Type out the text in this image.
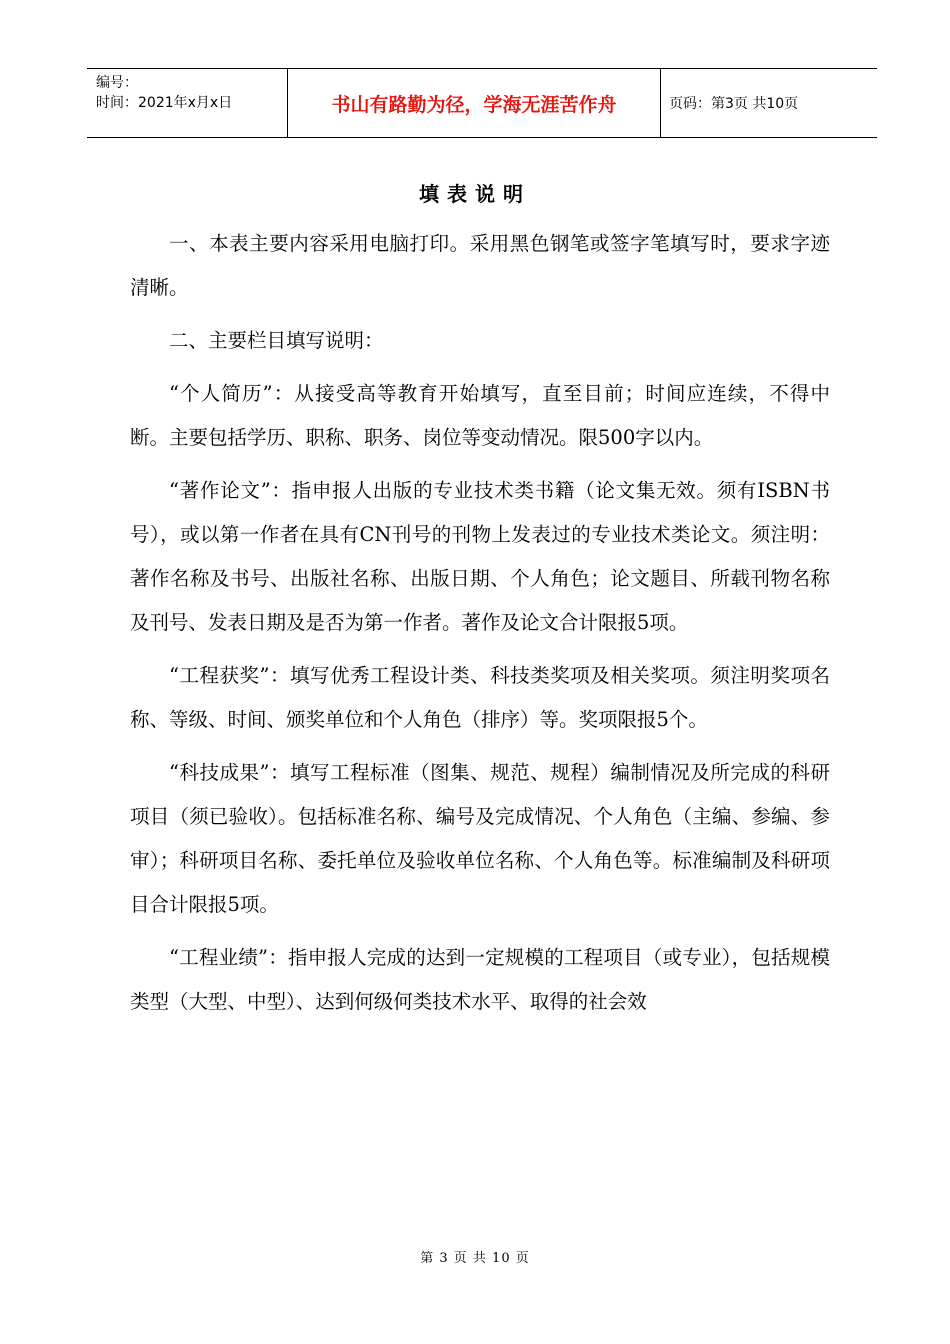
编号：
时间：2021年x月x日	书山有路勤为径，学海无涯苦作舟	页码：第3页 共10页
填表说明

一、本表主要内容采用电脑打印。采用黑色钢笔或签字笔填写时，要求字迹清晰。

二、主要栏目填写说明：

“个人简历”：从接受高等教育开始填写，直至目前；时间应连续，不得中断。主要包括学历、职称、职务、岗位等变动情况。限500字以内。

“著作论文”：指申报人出版的专业技术类书籍（论文集无效。须有ISBN书号），或以第一作者在具有CN刊号的刊物上发表过的专业技术类论文。须注明：著作名称及书号、出版社名称、出版日期、个人角色；论文题目、所载刊物名称及刊号、发表日期及是否为第一作者。著作及论文合计限报5项。

“工程获奖”：填写优秀工程设计类、科技类奖项及相关奖项。须注明奖项名称、等级、时间、颁奖单位和个人角色（排序）等。奖项限报5个。

“科技成果”：填写工程标准（图集、规范、规程）编制情况及所完成的科研项目（须已验收）。包括标准名称、编号及完成情况、个人角色（主编、参编、参审）；科研项目名称、委托单位及验收单位名称、个人角色等。标准编制及科研项目合计限报5项。

“工程业绩”：指申报人完成的达到一定规模的工程项目（或专业），包括规模类型（大型、中型）、达到何级何类技术水平、取得的社会效

第 3 页 共 10 页
